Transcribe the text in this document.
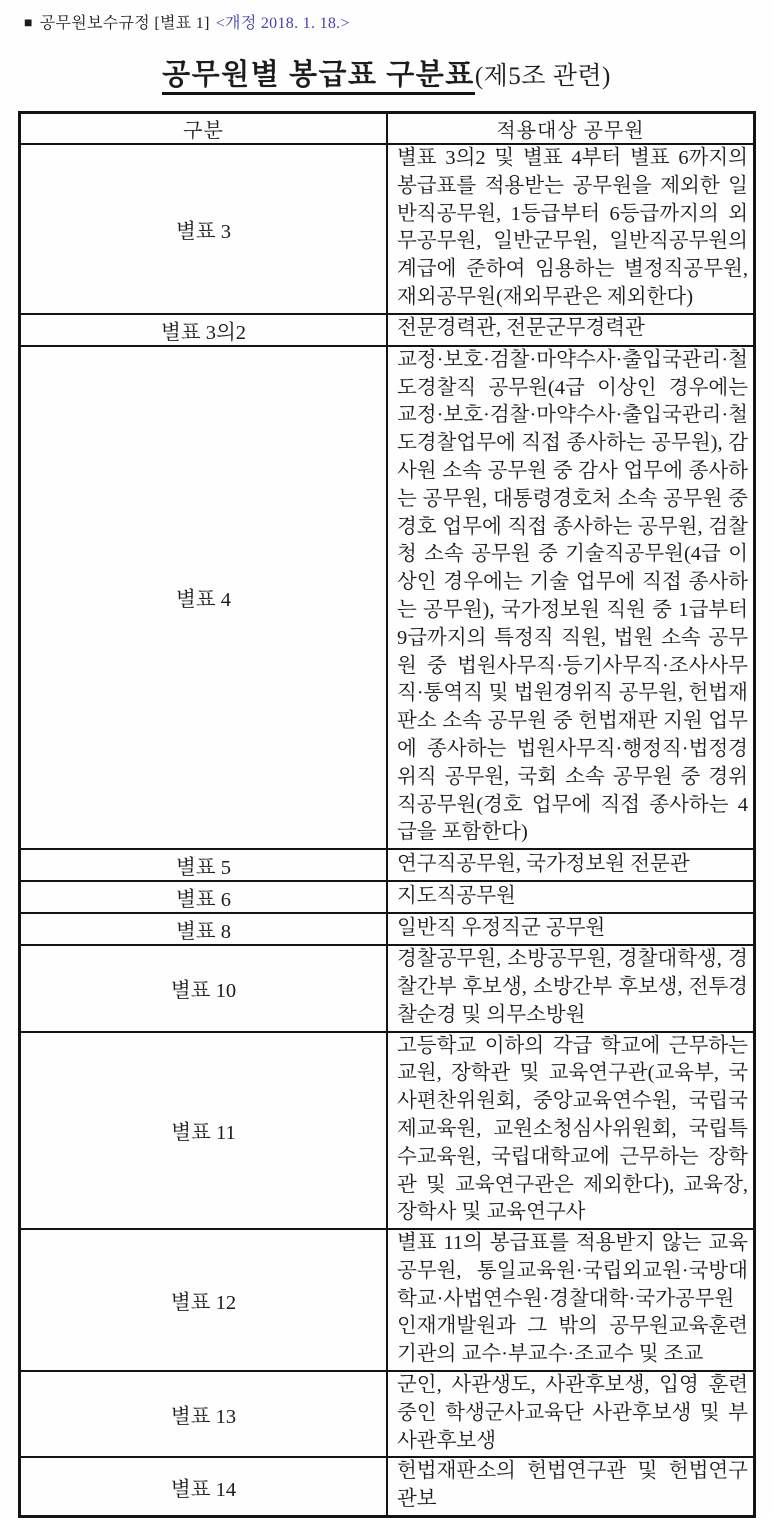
■ 공무원보수규정 [별표 1] <개정 2018. 1. 18.>
공무원별 봉급표 구분표(제5조 관련)
구분	적용대상 공무원
별표 3	별표 3의2 및 별표 4부터 별표 6까지의 봉급표를 적용받는 공무원을 제외한 일반직공무원, 1등급부터 6등급까지의 외무공무원, 일반군무원, 일반직공무원의 계급에 준하여 임용하는 별정직공무원, 재외공무원(재외무관은 제외한다)
별표 3의2	전문경력관, 전문군무경력관
별표 4	교정·보호·검찰·마약수사·출입국관리·철도경찰직 공무원(4급 이상인 경우에는 교정·보호·검찰·마약수사·출입국관리·철도경찰업무에 직접 종사하는 공무원), 감사원 소속 공무원 중 감사 업무에 종사하는 공무원, 대통령경호처 소속 공무원 중 경호 업무에 직접 종사하는 공무원, 검찰청 소속 공무원 중 기술직공무원(4급 이상인 경우에는 기술 업무에 직접 종사하는 공무원), 국가정보원 직원 중 1급부터 9급까지의 특정직 직원, 법원 소속 공무원 중 법원사무직·등기사무직·조사사무직·통역직 및 법원경위직 공무원, 헌법재판소 소속 공무원 중 헌법재판 지원 업무에 종사하는 법원사무직·행정직·법정경위직 공무원, 국회 소속 공무원 중 경위직공무원(경호 업무에 직접 종사하는 4급을 포함한다)
별표 5	연구직공무원, 국가정보원 전문관
별표 6	지도직공무원
별표 8	일반직 우정직군 공무원
별표 10	경찰공무원, 소방공무원, 경찰대학생, 경찰간부 후보생, 소방간부 후보생, 전투경찰순경 및 의무소방원
별표 11	고등학교 이하의 각급 학교에 근무하는 교원, 장학관 및 교육연구관(교육부, 국사편찬위원회, 중앙교육연수원, 국립국제교육원, 교원소청심사위원회, 국립특수교육원, 국립대학교에 근무하는 장학관 및 교육연구관은 제외한다), 교육장, 장학사 및 교육연구사
별표 12	별표 11의 봉급표를 적용받지 않는 교육공무원, 통일교육원·국립외교원·국방대학교·사법연수원·경찰대학·국가공무원인재개발원과 그 밖의 공무원교육훈련기관의 교수·부교수·조교수 및 조교
별표 13	군인, 사관생도, 사관후보생, 입영 훈련 중인 학생군사교육단 사관후보생 및 부사관후보생
별표 14	헌법재판소의 헌법연구관 및 헌법연구관보
